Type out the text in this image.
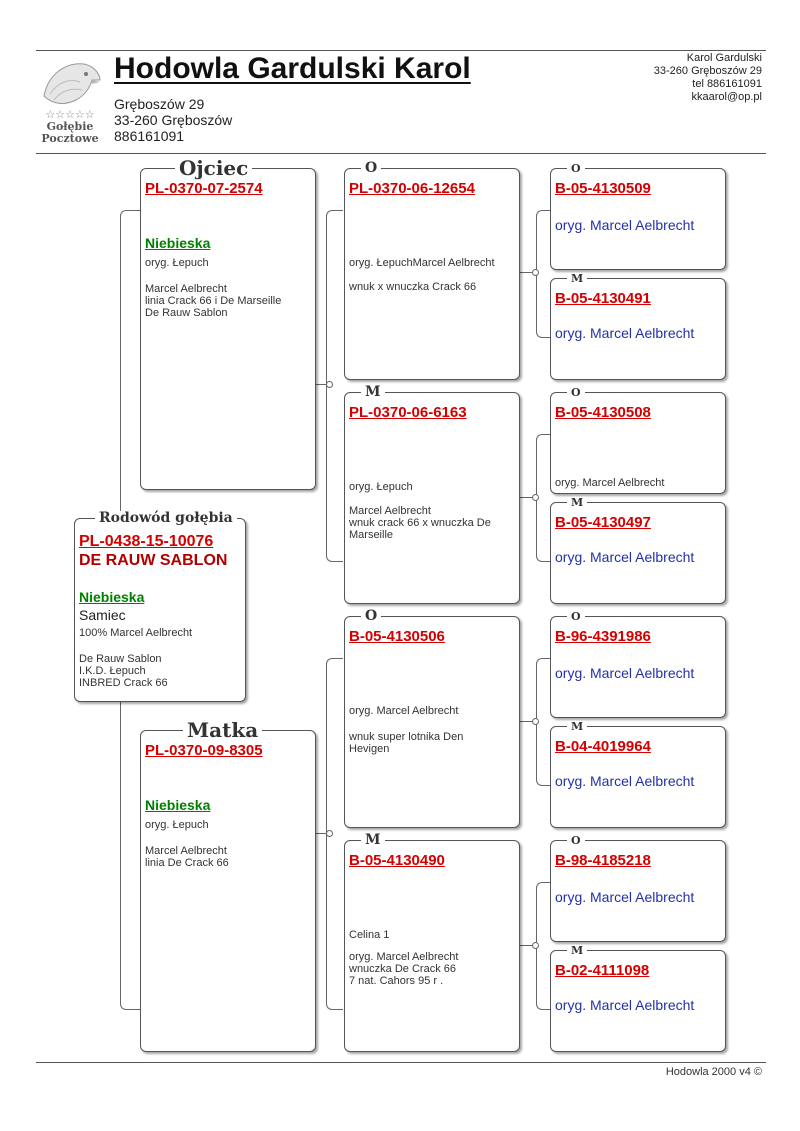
☆☆☆☆☆
Gołębie Pocztowe
Hodowla Gardulski Karol
Gręboszów 29
33-260 Gręboszów
886161091
Karol Gardulski
33-260 Gręboszów 29
tel 886161091
kkaarol@op.pl
Rodowód gołębia
PL-0438-15-10076
DE RAUW SABLON
Niebieska
Samiec
100% Marcel Aelbrecht
De Rauw Sablon
I.K.D. Łepuch
INBRED Crack 66
Ojciec
PL-0370-07-2574
Niebieska
oryg. Łepuch
Marcel Aelbrecht
linia Crack 66 i De Marseille
De Rauw Sablon
Matka
PL-0370-09-8305
Niebieska
oryg. Łepuch
Marcel Aelbrecht
linia De Crack 66
O
PL-0370-06-12654
oryg. ŁepuchMarcel Aelbrecht
wnuk x wnuczka Crack 66
M
PL-0370-06-6163
oryg. Łepuch
Marcel Aelbrecht
wnuk crack 66 x wnuczka De
Marseille
O
B-05-4130506
oryg. Marcel Aelbrecht
wnuk super lotnika Den
Hevigen
M
B-05-4130490
Celina 1
oryg. Marcel Aelbrecht
wnuczka De Crack 66
7 nat. Cahors 95 r .
O
B-05-4130509
oryg. Marcel Aelbrecht
M
B-05-4130491
oryg. Marcel Aelbrecht
O
B-05-4130508
oryg. Marcel Aelbrecht
M
B-05-4130497
oryg. Marcel Aelbrecht
O
B-96-4391986
oryg. Marcel Aelbrecht
M
B-04-4019964
oryg. Marcel Aelbrecht
O
B-98-4185218
oryg. Marcel Aelbrecht
M
B-02-4111098
oryg. Marcel Aelbrecht
Hodowla 2000 v4 ©
